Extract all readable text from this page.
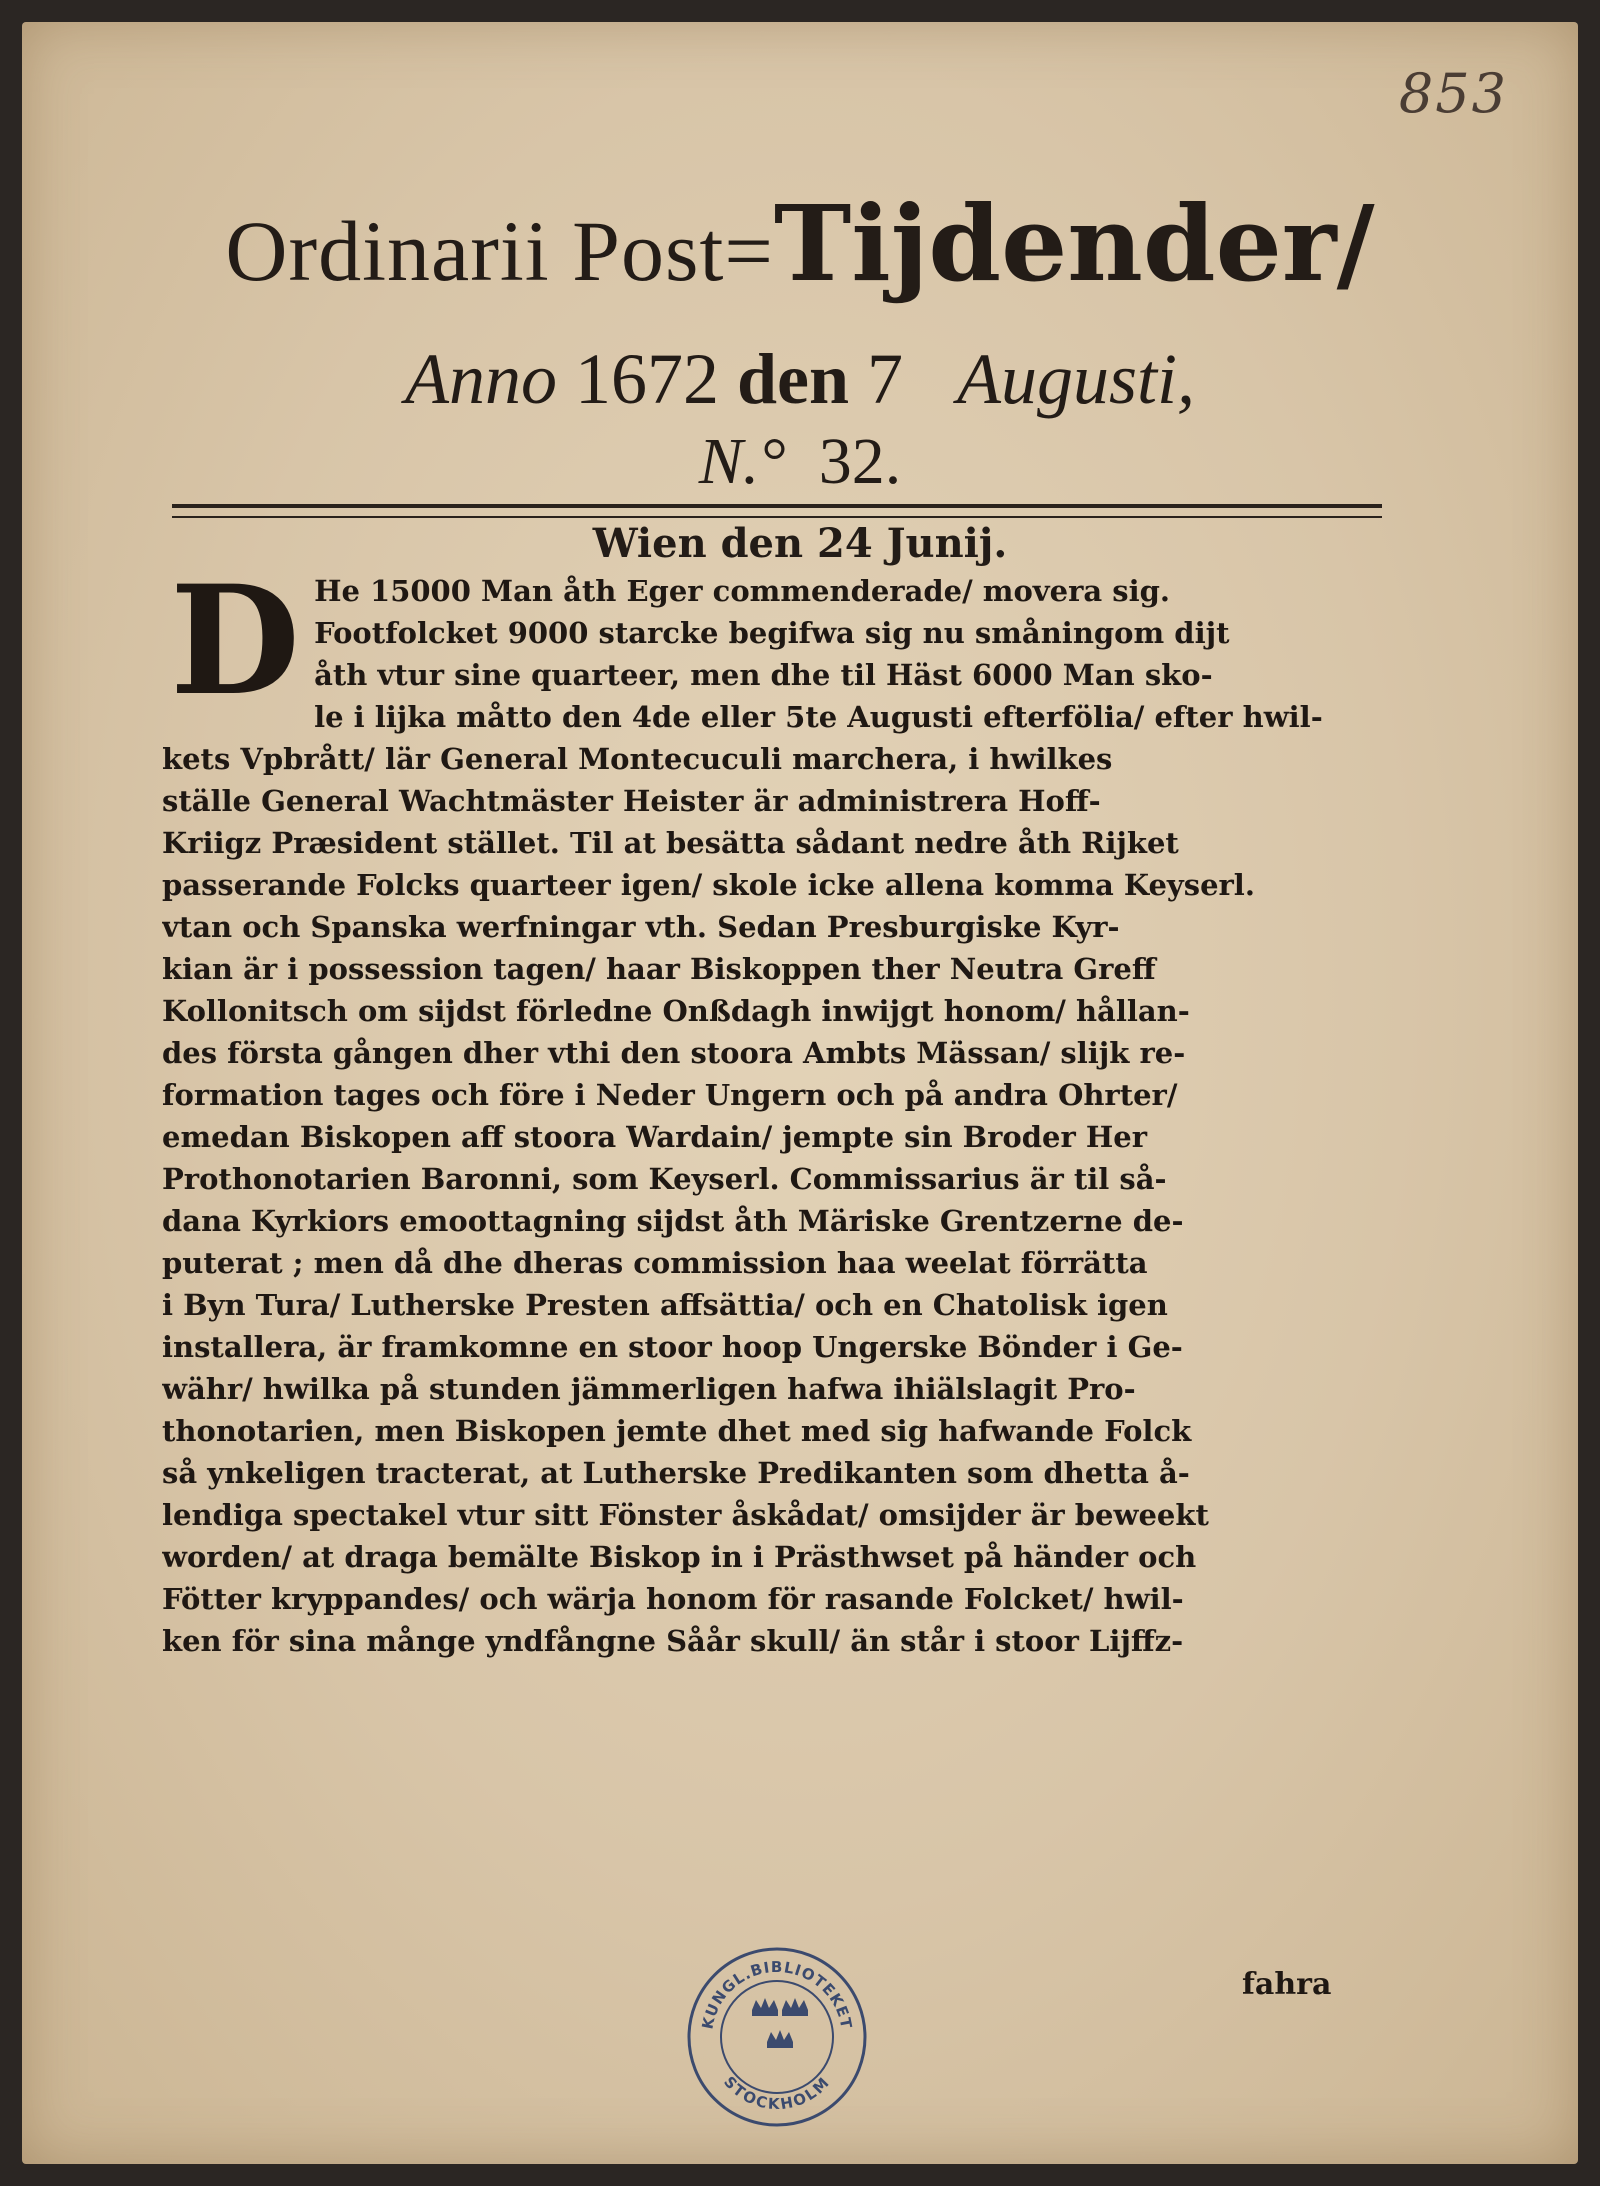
853
Ordinarii Post=Tijdender/
Anno 1672 den 7 Augusti,
N.° 32.
Wien den 24 Junij.
D He 15000 Man åth Eger commenderade/ movera sig.
Footfolcket 9000 starcke begifwa sig nu småningom dijt
åth vtur sine quarteer, men dhe til Häst 6000 Man sko-
le i lijka måtto den 4de eller 5te Augusti efterfölia/ efter hwil-
kets Vpbrått/ lär General Montecuculi marchera, i hwilkes
ställe General Wachtmäster Heister är administrera Hoff-
Kriigz Præsident stället. Til at besätta sådant nedre åth Rijket
passerande Folcks quarteer igen/ skole icke allena komma Keyserl.
vtan och Spanska werfningar vth. Sedan Presburgiske Kyr-
kian är i possession tagen/ haar Biskoppen ther Neutra Greff
Kollonitsch om sijdst förledne Onßdagh inwijgt honom/ hållan-
des första gången dher vthi den stoora Ambts Mässan/ slijk re-
formation tages och före i Neder Ungern och på andra Ohrter/
emedan Biskopen aff stoora Wardain/ jempte sin Broder Her
Prothonotarien Baronni, som Keyserl. Commissarius är til så-
dana Kyrkiors emoottagning sijdst åth Märiske Grentzerne de-
puterat ; men då dhe dheras commission haa weelat förrätta
i Byn Tura/ Lutherske Presten affsättia/ och en Chatolisk igen
installera, är framkomne en stoor hoop Ungerske Bönder i Ge-
währ/ hwilka på stunden jämmerligen hafwa ihiälslagit Pro-
thonotarien, men Biskopen jemte dhet med sig hafwande Folck
så ynkeligen tracterat, at Lutherske Predikanten som dhetta å-
lendiga spectakel vtur sitt Fönster åskådat/ omsijder är beweekt
worden/ at draga bemälte Biskop in i Prästhwset på händer och
Fötter kryppandes/ och wärja honom för rasande Folcket/ hwil-
ken för sina månge yndfångne Såår skull/ än står i stoor Lijffz-
fahra
KUNGL.BIBLIOTEKET
STOCKHOLM
